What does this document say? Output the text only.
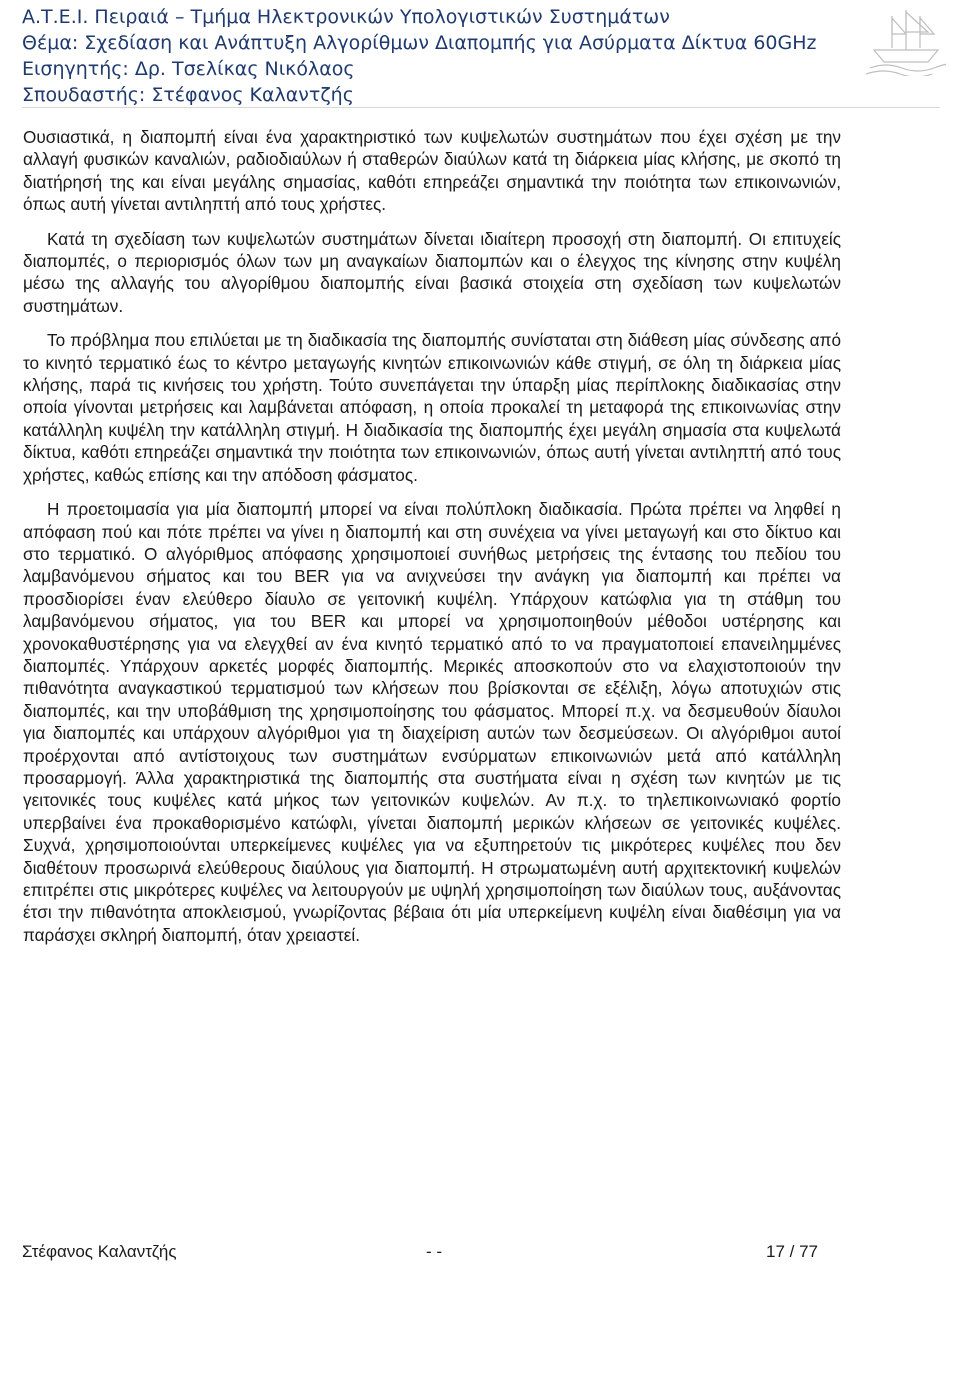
Α.Τ.Ε.Ι. Πειραιά – Τμήμα Ηλεκτρονικών Υπολογιστικών Συστημάτων
Θέμα: Σχεδίαση και Ανάπτυξη Αλγορίθμων Διαπομπής για Ασύρματα Δίκτυα 60GHz
Εισηγητής: Δρ. Τσελίκας Νικόλαος
Σπουδαστής: Στέφανος Καλαντζής

Ουσιαστικά, η διαπομπή είναι ένα χαρακτηριστικό των κυψελωτών συστημάτων που έχει σχέση με την αλλαγή φυσικών καναλιών, ραδιοδιαύλων ή σταθερών διαύλων κατά τη διάρκεια μίας κλήσης, με σκοπό τη διατήρησή της και είναι μεγάλης σημασίας, καθότι επηρεάζει σημαντικά την ποιότητα των επικοινωνιών, όπως αυτή γίνεται αντιληπτή από τους χρήστες.

Κατά τη σχεδίαση των κυψελωτών συστημάτων δίνεται ιδιαίτερη προσοχή στη διαπομπή. Οι επιτυχείς διαπομπές, ο περιορισμός όλων των μη αναγκαίων διαπομπών και ο έλεγχος της κίνησης στην κυψέλη μέσω της αλλαγής του αλγορίθμου διαπομπής είναι βασικά στοιχεία στη σχεδίαση των κυψελωτών συστημάτων.

Το πρόβλημα που επιλύεται με τη διαδικασία της διαπομπής συνίσταται στη διάθεση μίας σύνδεσης από το κινητό τερματικό έως το κέντρο μεταγωγής κινητών επικοινωνιών κάθε στιγμή, σε όλη τη διάρκεια μίας κλήσης, παρά τις κινήσεις του χρήστη. Τούτο συνεπάγεται την ύπαρξη μίας περίπλοκης διαδικασίας στην οποία γίνονται μετρήσεις και λαμβάνεται απόφαση, η οποία προκαλεί τη μεταφορά της επικοινωνίας στην κατάλληλη κυψέλη την κατάλληλη στιγμή. Η διαδικασία της διαπομπής έχει μεγάλη σημασία στα κυψελωτά δίκτυα, καθότι επηρεάζει σημαντικά την ποιότητα των επικοινωνιών, όπως αυτή γίνεται αντιληπτή από τους χρήστες, καθώς επίσης και την απόδοση φάσματος.

Η προετοιμασία για μία διαπομπή μπορεί να είναι πολύπλοκη διαδικασία. Πρώτα πρέπει να ληφθεί η απόφαση πού και πότε πρέπει να γίνει η διαπομπή και στη συνέχεια να γίνει μεταγωγή και στο δίκτυο και στο τερματικό. Ο αλγόριθμος απόφασης χρησιμοποιεί συνήθως μετρήσεις της έντασης του πεδίου του λαμβανόμενου σήματος και του BER για να ανιχνεύσει την ανάγκη για διαπομπή και πρέπει να προσδιορίσει έναν ελεύθερο δίαυλο σε γειτονική κυψέλη. Υπάρχουν κατώφλια για τη στάθμη του λαμβανόμενου σήματος, για του BER και μπορεί να χρησιμοποιηθούν μέθοδοι υστέρησης και χρονοκαθυστέρησης για να ελεγχθεί αν ένα κινητό τερματικό από το να πραγματοποιεί επανειλημμένες διαπομπές. Υπάρχουν αρκετές μορφές διαπομπής. Μερικές αποσκοπούν στο να ελαχιστοποιούν την πιθανότητα αναγκαστικού τερματισμού των κλήσεων που βρίσκονται σε εξέλιξη, λόγω αποτυχιών στις διαπομπές, και την υποβάθμιση της χρησιμοποίησης του φάσματος. Μπορεί π.χ. να δεσμευθούν δίαυλοι για διαπομπές και υπάρχουν αλγόριθμοι για τη διαχείριση αυτών των δεσμεύσεων. Οι αλγόριθμοι αυτοί προέρχονται από αντίστοιχους των συστημάτων ενσύρματων επικοινωνιών μετά από κατάλληλη προσαρμογή. Άλλα χαρακτηριστικά της διαπομπής στα συστήματα είναι η σχέση των κινητών με τις γειτονικές τους κυψέλες κατά μήκος των γειτονικών κυψελών. Αν π.χ. το τηλεπικοινωνιακό φορτίο υπερβαίνει ένα προκαθορισμένο κατώφλι, γίνεται διαπομπή μερικών κλήσεων σε γειτονικές κυψέλες. Συχνά, χρησιμοποιούνται υπερκείμενες κυψέλες για να εξυπηρετούν τις μικρότερες κυψέλες που δεν διαθέτουν προσωρινά ελεύθερους διαύλους για διαπομπή. Η στρωματωμένη αυτή αρχιτεκτονική κυψελών επιτρέπει στις μικρότερες κυψέλες να λειτουργούν με υψηλή χρησιμοποίηση των διαύλων τους, αυξάνοντας έτσι την πιθανότητα αποκλεισμού, γνωρίζοντας βέβαια ότι μία υπερκείμενη κυψέλη είναι διαθέσιμη για να παράσχει σκληρή διαπομπή, όταν χρειαστεί.

Στέφανος Καλαντζής	- -	17 / 77
